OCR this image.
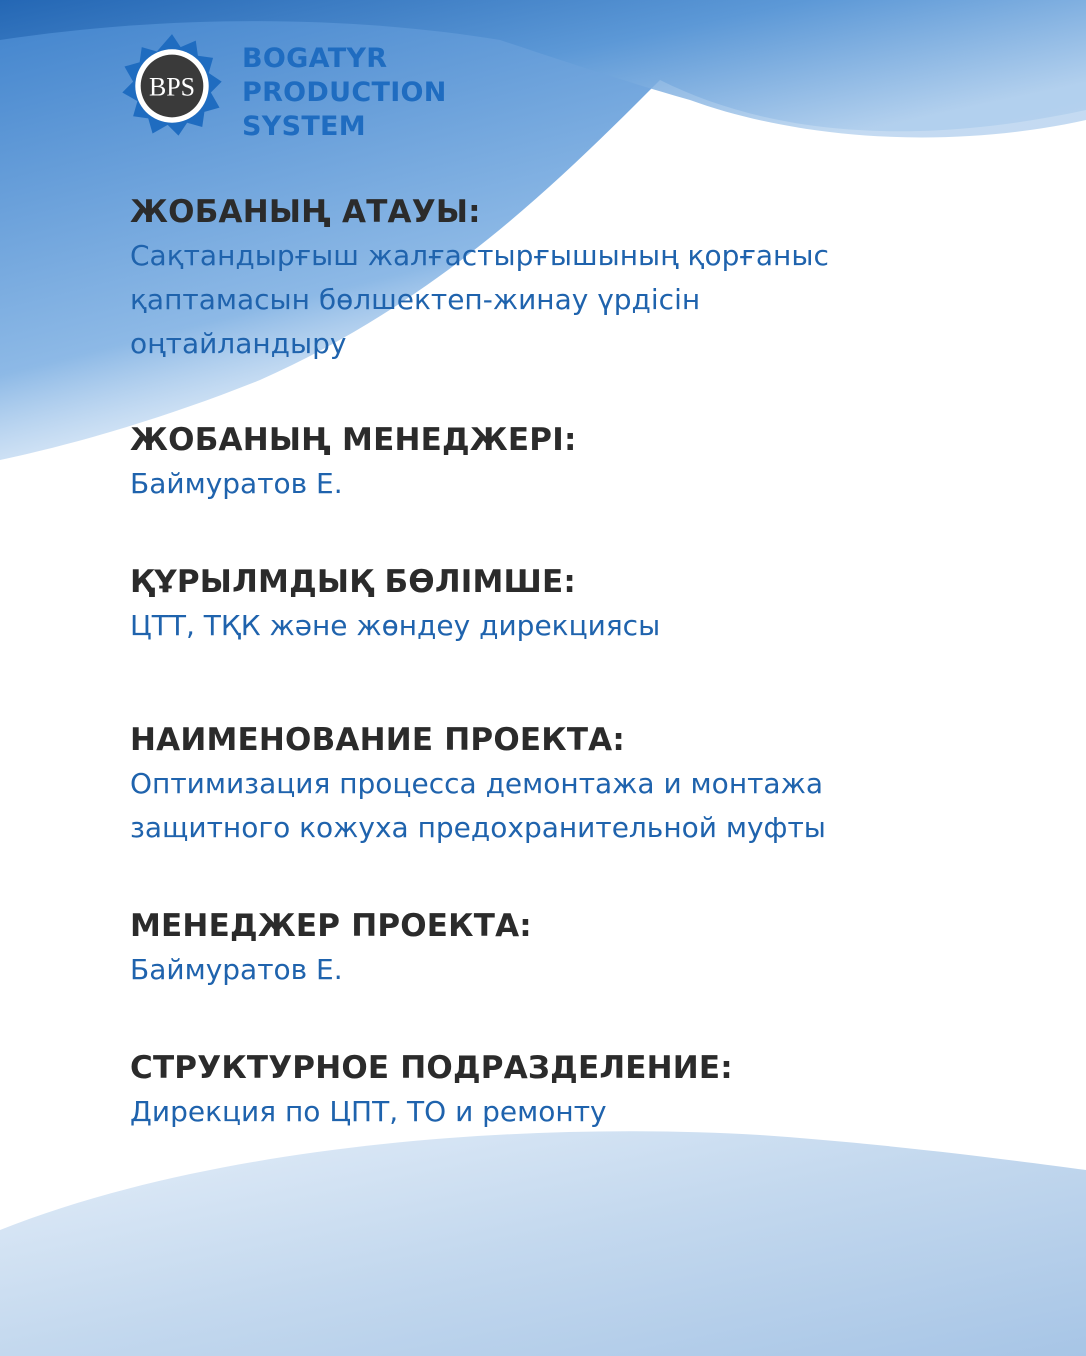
BPS
BOGATYR
PRODUCTION
SYSTEM
ЖОБАНЫҢ АТАУЫ:
Сақтандырғыш жалғастырғышының қорғаныс
қаптамасын бөлшектеп-жинау үрдісін
оңтайландыру
ЖОБАНЫҢ МЕНЕДЖЕРІ:
Баймуратов Е.
ҚҰРЫЛМДЫҚ БӨЛІМШЕ:
ЦТТ, ТҚК және жөндеу дирекциясы
НАИМЕНОВАНИЕ ПРОЕКТА:
Оптимизация процесса демонтажа и монтажа
защитного кожуха предохранительной муфты
МЕНЕДЖЕР ПРОЕКТА:
Баймуратов Е.
СТРУКТУРНОЕ ПОДРАЗДЕЛЕНИЕ:
Дирекция по ЦПТ, ТО и ремонту
